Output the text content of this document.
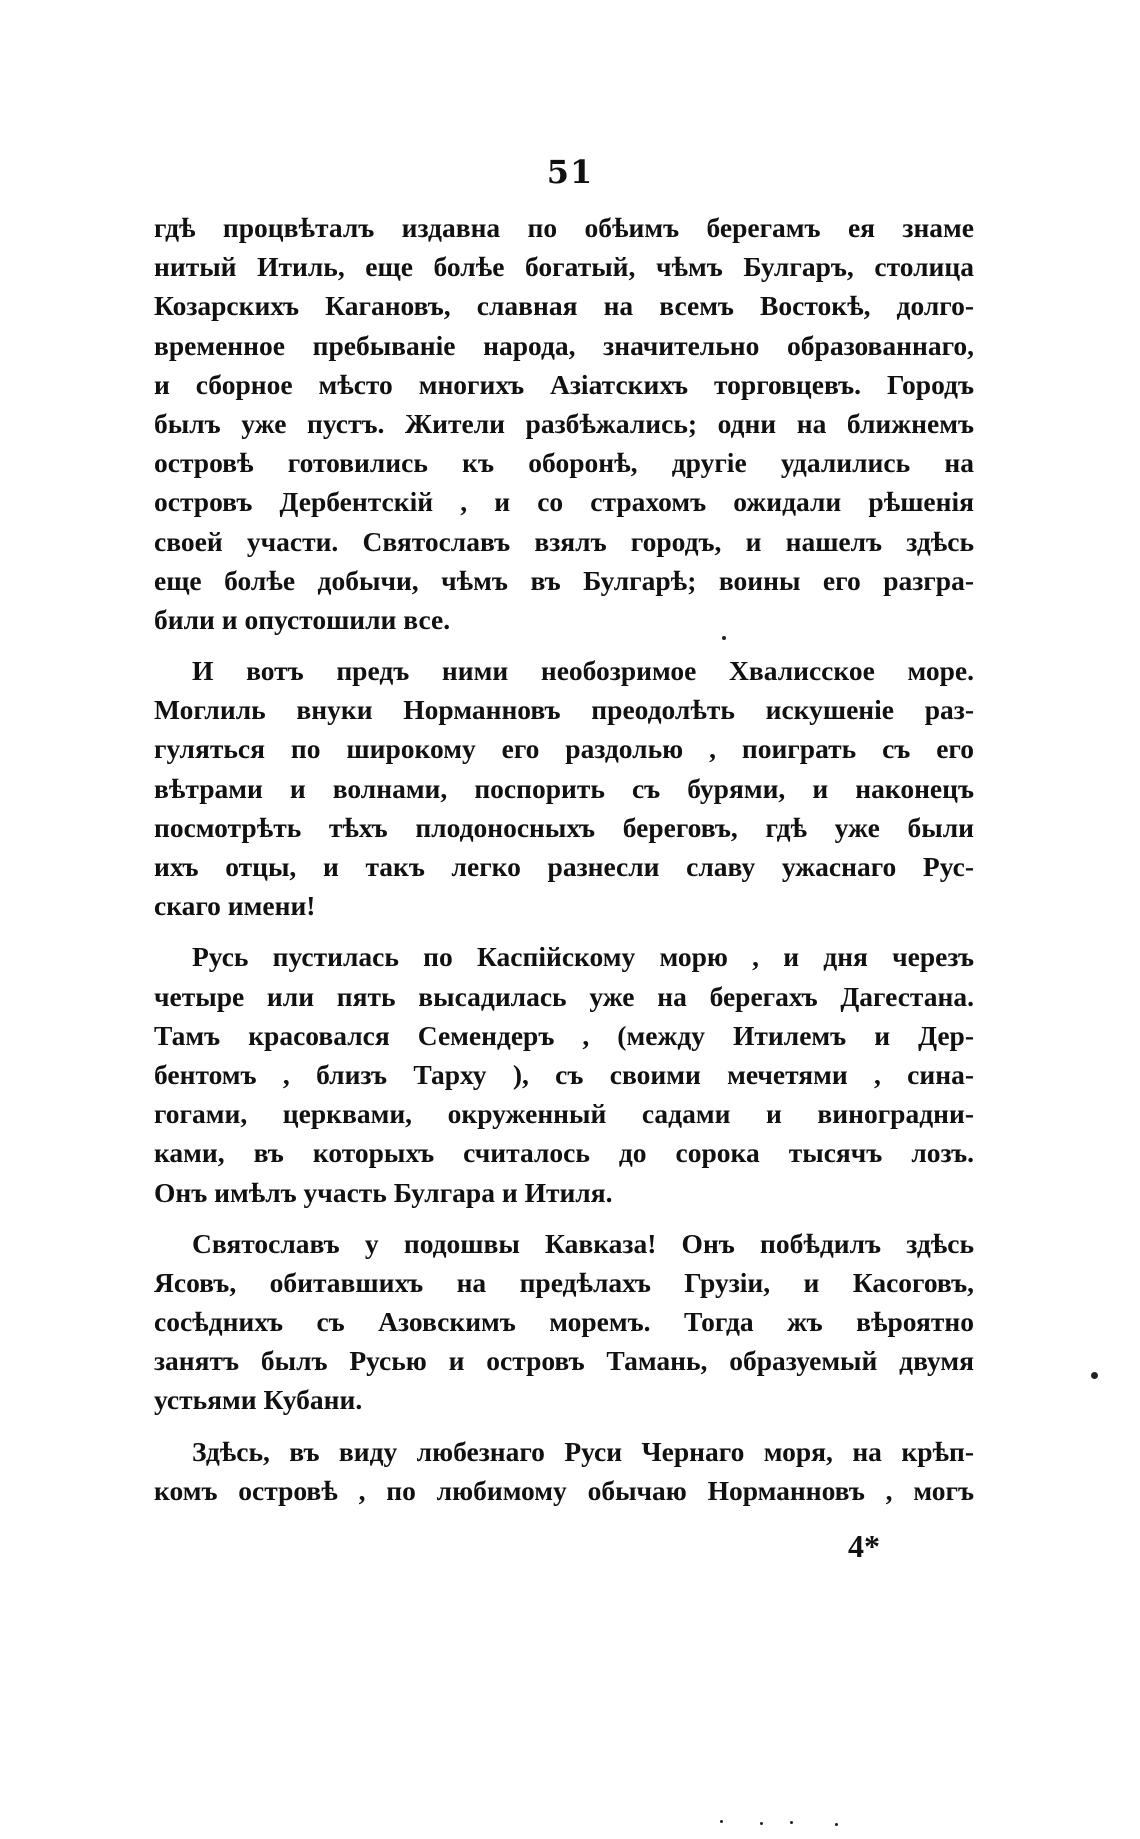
51

гдѣ процвѣталъ издавна по обѣимъ берегамъ ея знаме
нитый Итиль, еще болѣе богатый, чѣмъ Булгаръ, столица
Козарскихъ Кагановъ, славная на всемъ Востокѣ, долго-
временное пребываніе народа, значительно образованнаго,
и сборное мѣсто многихъ Азіатскихъ торговцевъ. Городъ
былъ уже пустъ. Жители разбѣжались; одни на ближнемъ
островѣ готовились къ оборонѣ, другіе удалились на
островъ Дербентскій , и со страхомъ ожидали рѣшенія
своей участи. Святославъ взялъ городъ, и нашелъ здѣсь
еще болѣе добычи, чѣмъ въ Булгарѣ; воины его разгра-
били и опустошили все.

И вотъ предъ ними необозримое Хвалисское море.
Моглиль внуки Норманновъ преодолѣть искушеніе раз-
гуляться по широкому его раздолью , поиграть съ его
вѣтрами и волнами, поспорить съ бурями, и наконецъ
посмотрѣть тѣхъ плодоносныхъ береговъ, гдѣ уже были
ихъ отцы, и такъ легко разнесли славу ужаснаго Рус-
скаго имени!

Русь пустилась по Каспійскому морю , и дня черезъ
четыре или пять высадилась уже на берегахъ Дагестана.
Тамъ красовался Семендеръ , (между Итилемъ и Дер-
бентомъ , близъ Тарху ), съ своими мечетями , сина-
гогами, церквами, окруженный садами и виноградни-
ками, въ которыхъ считалось до сорока тысячъ лозъ.
Онъ имѣлъ участь Булгара и Итиля.

Святославъ у подошвы Кавказа! Онъ побѣдилъ здѣсь
Ясовъ, обитавшихъ на предѣлахъ Грузіи, и Касоговъ,
сосѣднихъ съ Азовскимъ моремъ. Тогда жъ вѣроятно
занятъ былъ Русью и островъ Тамань, образуемый двумя
устьями Кубани.

Здѣсь, въ виду любезнаго Руси Чернаго моря, на крѣп-
комъ островѣ , по любимому обычаю Норманновъ , могъ

4*
